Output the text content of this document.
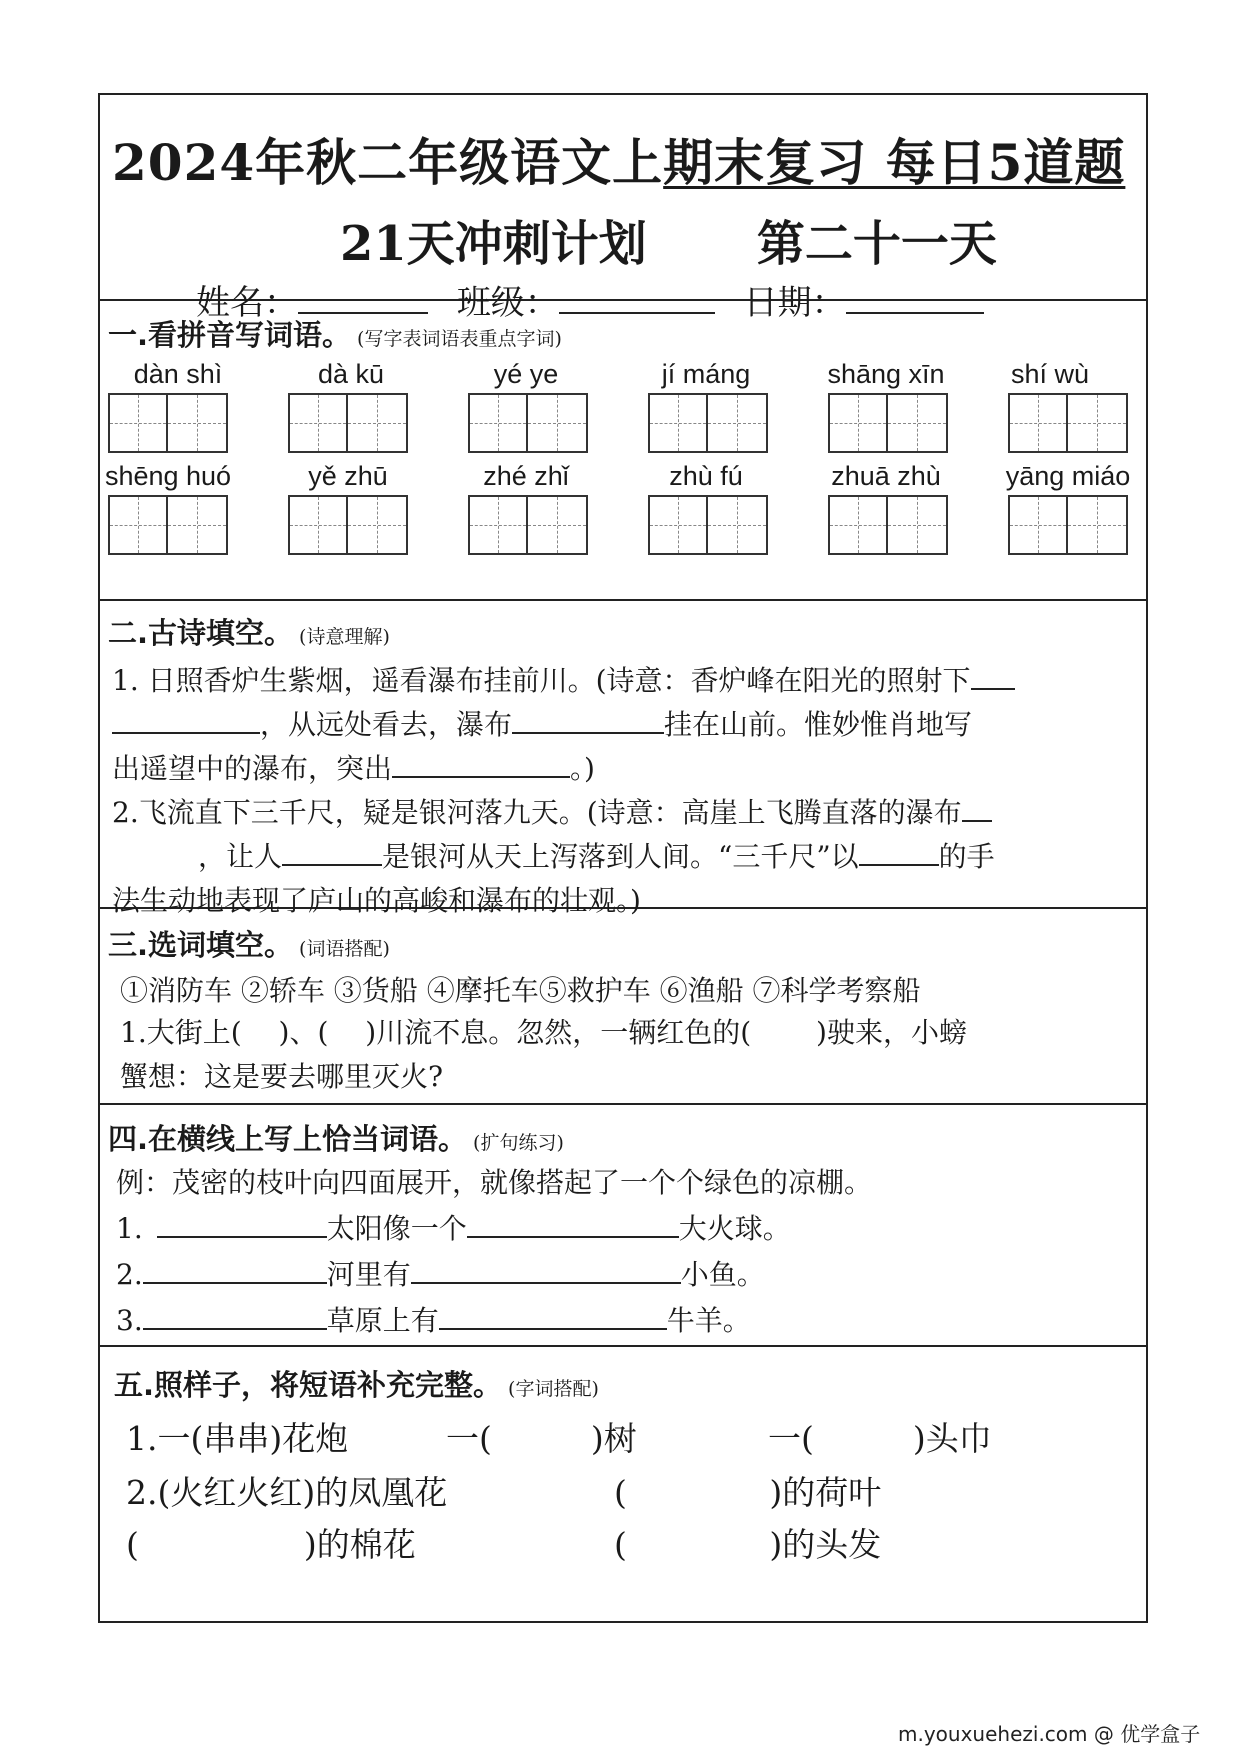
2024年秋二年级语文上期末复习 每日5道题
21天冲刺计划 第二十一天
姓名：	班级：	日期：
一.看拼音写词语。 (写字表词语表重点字词)
dàn shì	dà kū	yé ye	jí máng	shāng xīn	shí wù
shēng huó	yě zhū	zhé zhǐ	zhù fú	zhuā zhù	yāng miáo
二.古诗填空。 (诗意理解)
1. 日照香炉生紫烟，遥看瀑布挂前川。(诗意：香炉峰在阳光的照射下
，从远处看去，瀑布	挂在山前。惟妙惟肖地写
出遥望中的瀑布，突出	。)
2.飞流直下三千尺，疑是银河落九天。(诗意：高崖上飞腾直落的瀑布
，让人	是银河从天上泻落到人间。“三千尺”以	的手
法生动地表现了庐山的高峻和瀑布的壮观。)
三.选词填空。 (词语搭配)
①消防车 ②轿车 ③货船 ④摩托车⑤救护车 ⑥渔船 ⑦科学考察船
1.大街上(　 )、(　 )川流不息。忽然，一辆红色的(　　 )驶来，小螃
蟹想：这是要去哪里灭火?
四.在横线上写上恰当词语。 (扩句练习)
例：茂密的枝叶向四面展开，就像搭起了一个个绿色的凉棚。
1.	太阳像一个	大火球。
2.	河里有	小鱼。
3.	草原上有	牛羊。
五.照样子，将短语补充完整。 (字词搭配)
1.一(串串)花炮	一(　　　)树	一(　　　)头巾
2.(火红火红)的凤凰花	(　　　　 )的荷叶
(　　　　　)的棉花	(　　　　 )的头发
m.youxuehezi.com @ 优学盒子
